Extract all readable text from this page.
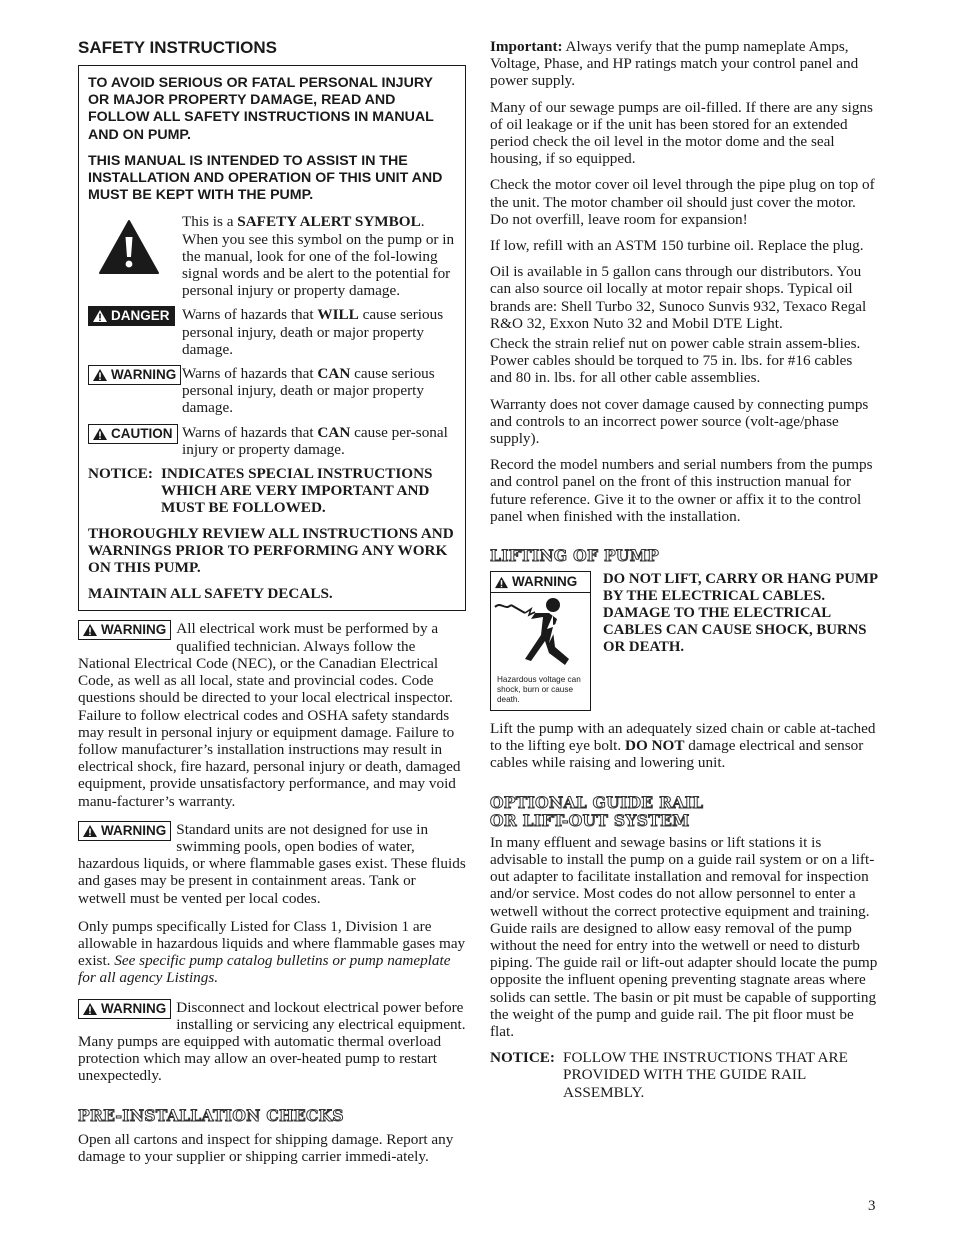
SAFETY INSTRUCTIONS

TO AVOID SERIOUS OR FATAL PERSONAL INJURY OR MAJOR PROPERTY DAMAGE, READ AND FOLLOW ALL SAFETY INSTRUCTIONS IN MANUAL AND ON PUMP.

THIS MANUAL IS INTENDED TO ASSIST IN THE INSTALLATION AND OPERATION OF THIS UNIT AND MUST BE KEPT WITH THE PUMP.

This is a SAFETY ALERT SYMBOL. When you see this symbol on the pump or in the manual, look for one of the fol-lowing signal words and be alert to the potential for personal injury or property damage.
DANGER Warns of hazards that WILL cause serious personal injury, death or major property damage.
WARNING Warns of hazards that CAN cause serious personal injury, death or major property damage.
CAUTION Warns of hazards that CAN cause per-sonal injury or property damage.
NOTICE: INDICATES SPECIAL INSTRUCTIONS WHICH ARE VERY IMPORTANT AND MUST BE FOLLOWED.

THOROUGHLY REVIEW ALL INSTRUCTIONS AND WARNINGS PRIOR TO PERFORMING ANY WORK ON THIS PUMP.

MAINTAIN ALL SAFETY DECALS.

WARNING All electrical work must be performed by a qualified technician. Always follow the National Electrical Code (NEC), or the Canadian Electrical Code, as well as all local, state and provincial codes. Code questions should be directed to your local electrical inspector. Failure to follow electrical codes and OSHA safety standards may result in personal injury or equipment damage. Failure to follow manufacturer’s installation instructions may result in electrical shock, fire hazard, personal injury or death, damaged equipment, provide unsatisfactory performance, and may void manu-facturer’s warranty.

WARNING Standard units are not designed for use in swimming pools, open bodies of water, hazardous liquids, or where flammable gases exist. These fluids and gases may be present in containment areas. Tank or wetwell must be vented per local codes.

Only pumps specifically Listed for Class 1, Division 1 are allowable in hazardous liquids and where flammable gases may exist. See specific pump catalog bulletins or pump nameplate for all agency Listings.

WARNING Disconnect and lockout electrical power before installing or servicing any electrical equipment. Many pumps are equipped with automatic thermal overload protection which may allow an over-heated pump to restart unexpectedly.

PRE-INSTALLATION CHECKS

Open all cartons and inspect for shipping damage. Report any damage to your supplier or shipping carrier immedi-ately.

Important: Always verify that the pump nameplate Amps, Voltage, Phase, and HP ratings match your control panel and power supply.

Many of our sewage pumps are oil-filled. If there are any signs of oil leakage or if the unit has been stored for an extended period check the oil level in the motor dome and the seal housing, if so equipped.

Check the motor cover oil level through the pipe plug on top of the unit. The motor chamber oil should just cover the motor. Do not overfill, leave room for expansion!

If low, refill with an ASTM 150 turbine oil. Replace the plug.

Oil is available in 5 gallon cans through our distributors. You can also source oil locally at motor repair shops. Typical oil brands are: Shell Turbo 32, Sunoco Sunvis 932, Texaco Regal R&O 32, Exxon Nuto 32 and Mobil DTE Light.

Check the strain relief nut on power cable strain assem-blies. Power cables should be torqued to 75 in. lbs. for #16 cables and 80 in. lbs. for all other cable assemblies.

Warranty does not cover damage caused by connecting pumps and controls to an incorrect power source (volt-age/phase supply).

Record the model numbers and serial numbers from the pumps and control panel on the front of this instruction manual for future reference. Give it to the owner or affix it to the control panel when finished with the installation.

LIFTING OF PUMP
WARNING
Hazardous voltage can shock, burn or cause death.
DO NOT LIFT, CARRY OR HANG PUMP BY THE ELECTRICAL CABLES. DAMAGE TO THE ELECTRICAL CABLES CAN CAUSE SHOCK, BURNS OR DEATH.

Lift the pump with an adequately sized chain or cable at-tached to the lifting eye bolt. DO NOT damage electrical and sensor cables while raising and lowering unit.

OPTIONAL GUIDE RAIL
OR LIFT-OUT SYSTEM

In many effluent and sewage basins or lift stations it is advisable to install the pump on a guide rail system or on a lift-out adapter to facilitate installation and removal for inspection and/or service. Most codes do not allow personnel to enter a wetwell without the correct protective equipment and training. Guide rails are designed to allow easy removal of the pump without the need for entry into the wetwell or need to disturb piping. The guide rail or lift-out adapter should locate the pump opposite the influent opening preventing stagnate areas where solids can settle. The basin or pit must be capable of supporting the weight of the pump and guide rail. The pit floor must be flat.

NOTICE: FOLLOW THE INSTRUCTIONS THAT ARE PROVIDED WITH THE GUIDE RAIL ASSEMBLY.
3
